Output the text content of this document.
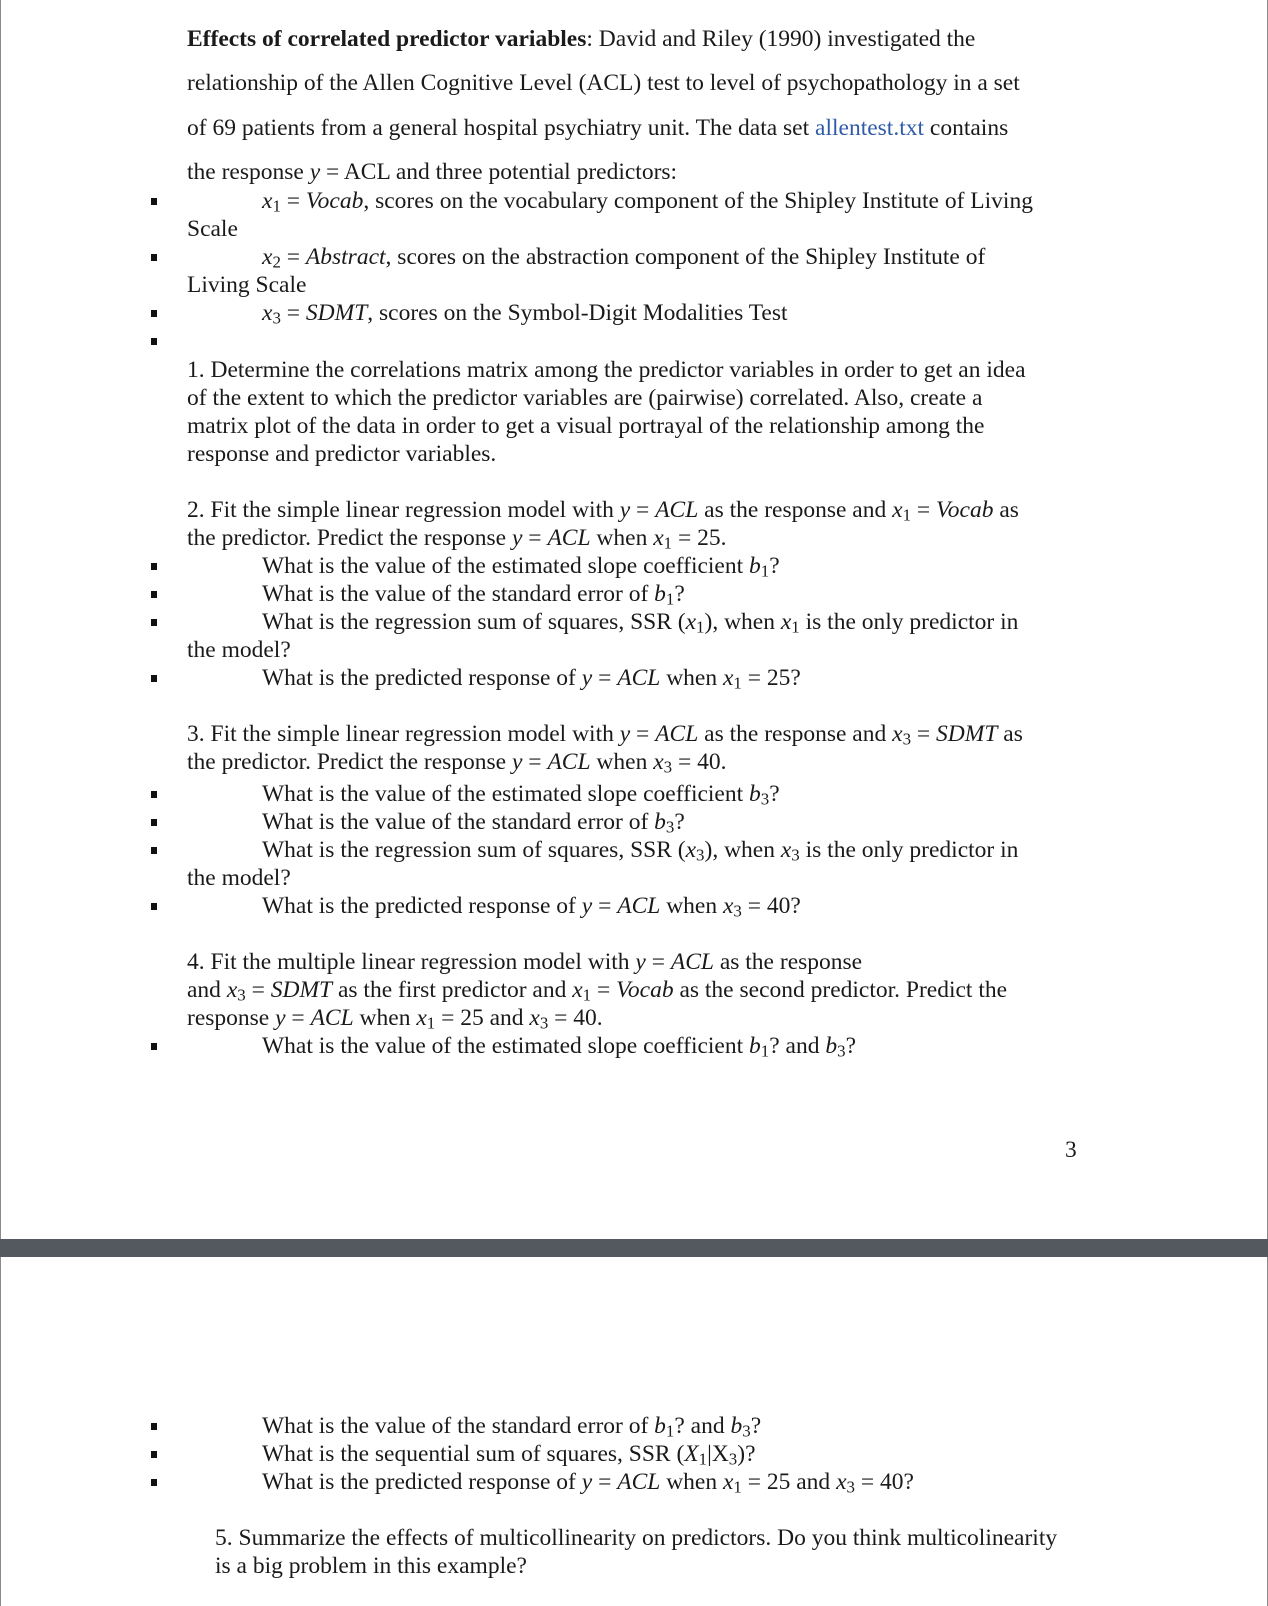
Effects of correlated predictor variables: David and Riley (1990) investigated the
relationship of the Allen Cognitive Level (ACL) test to level of psychopathology in a set
of 69 patients from a general hospital psychiatry unit. The data set allentest.txt contains
the response y = ACL and three potential predictors:
$x_1$ = Vocab, scores on the vocabulary component of the Shipley Institute of Living
Scale
$x_2$ = Abstract, scores on the abstraction component of the Shipley Institute of
Living Scale
$x_3$ = SDMT, scores on the Symbol-Digit Modalities Test
1. Determine the correlations matrix among the predictor variables in order to get an idea
of the extent to which the predictor variables are (pairwise) correlated. Also, create a
matrix plot of the data in order to get a visual portrayal of the relationship among the
response and predictor variables.
2. Fit the simple linear regression model with y = ACL as the response and $x_1$ = Vocab as
the predictor. Predict the response y = ACL when $x_1 = 25$.
What is the value of the estimated slope coefficient $b_1$?
What is the value of the standard error of $b_1$?
What is the regression sum of squares, SSR $(x_1)$, when $x_1$ is the only predictor in
the model?
What is the predicted response of y = ACL when $x_1 = 25$?
3. Fit the simple linear regression model with y = ACL as the response and $x_3$ = SDMT as
the predictor. Predict the response y = ACL when $x_3 = 40$.
What is the value of the estimated slope coefficient $b_3$?
What is the value of the standard error of $b_3$?
What is the regression sum of squares, SSR $(x_3)$, when $x_3$ is the only predictor in
the model?
What is the predicted response of y = ACL when $x_3 = 40$?
4. Fit the multiple linear regression model with y = ACL as the response
and $x_3$ = SDMT as the first predictor and $x_1$ = Vocab as the second predictor. Predict the
response y = ACL when $x_1 = 25$ and $x_3 = 40$.
What is the value of the estimated slope coefficient $b_1$? and $b_3$?
3
What is the value of the standard error of $b_1$? and $b_3$?
What is the sequential sum of squares, SSR $(X_1|X_3)$?
What is the predicted response of y = ACL when $x_1 = 25$ and $x_3 = 40$?
5. Summarize the effects of multicollinearity on predictors. Do you think multicolinearity
is a big problem in this example?
